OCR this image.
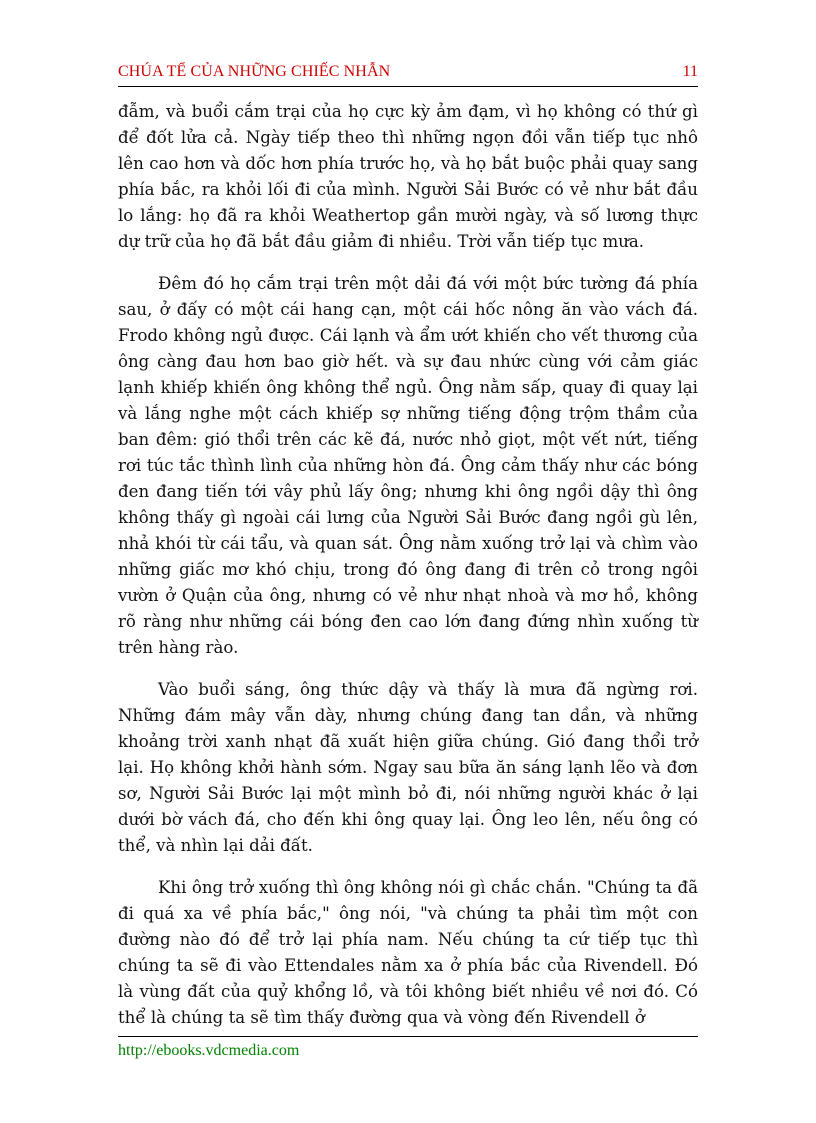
CHÚA TỂ CỦA NHỮNG CHIẾC NHẪN	11

đẫm, và buổi cắm trại của họ cực kỳ ảm đạm, vì họ không có thứ gì để đốt lửa cả. Ngày tiếp theo thì những ngọn đồi vẫn tiếp tục nhô lên cao hơn và dốc hơn phía trước họ, và họ bắt buộc phải quay sang phía bắc, ra khỏi lối đi của mình. Người Sải Bước có vẻ như bắt đầu lo lắng: họ đã ra khỏi Weathertop gần mười ngày, và số lương thực dự trữ của họ đã bắt đầu giảm đi nhiều. Trời vẫn tiếp tục mưa.

Đêm đó họ cắm trại trên một dải đá với một bức tường đá phía sau, ở đấy có một cái hang cạn, một cái hốc nông ăn vào vách đá. Frodo không ngủ được. Cái lạnh và ẩm ướt khiến cho vết thương của ông càng đau hơn bao giờ hết. và sự đau nhức cùng với cảm giác lạnh khiếp khiến ông không thể ngủ. Ông nằm sấp, quay đi quay lại và lắng nghe một cách khiếp sợ những tiếng động trộm thầm của ban đêm: gió thổi trên các kẽ đá, nước nhỏ giọt, một vết nứt, tiếng rơi túc tắc thình lình của những hòn đá. Ông cảm thấy như các bóng đen đang tiến tới vây phủ lấy ông; nhưng khi ông ngồi dậy thì ông không thấy gì ngoài cái lưng của Người Sải Bước đang ngồi gù lên, nhả khói từ cái tẩu, và quan sát. Ông nằm xuống trở lại và chìm vào những giấc mơ khó chịu, trong đó ông đang đi trên cỏ trong ngôi vườn ở Quận của ông, nhưng có vẻ như nhạt nhoà và mơ hồ, không rõ ràng như những cái bóng đen cao lớn đang đứng nhìn xuống từ trên hàng rào.

Vào buổi sáng, ông thức dậy và thấy là mưa đã ngừng rơi. Những đám mây vẫn dày, nhưng chúng đang tan dần, và những khoảng trời xanh nhạt đã xuất hiện giữa chúng. Gió đang thổi trở lại. Họ không khởi hành sớm. Ngay sau bữa ăn sáng lạnh lẽo và đơn sơ, Người Sải Bước lại một mình bỏ đi, nói những người khác ở lại dưới bờ vách đá, cho đến khi ông quay lại. Ông leo lên, nếu ông có thể, và nhìn lại dải đất.

Khi ông trở xuống thì ông không nói gì chắc chắn. "Chúng ta đã đi quá xa về phía bắc," ông nói, "và chúng ta phải tìm một con đường nào đó để trở lại phía nam. Nếu chúng ta cứ tiếp tục thì chúng ta sẽ đi vào Ettendales nằm xa ở phía bắc của Rivendell. Đó là vùng đất của quỷ khổng lồ, và tôi không biết nhiều về nơi đó. Có thể là chúng ta sẽ tìm thấy đường qua và vòng đến Rivendell ở

http://ebooks.vdcmedia.com
